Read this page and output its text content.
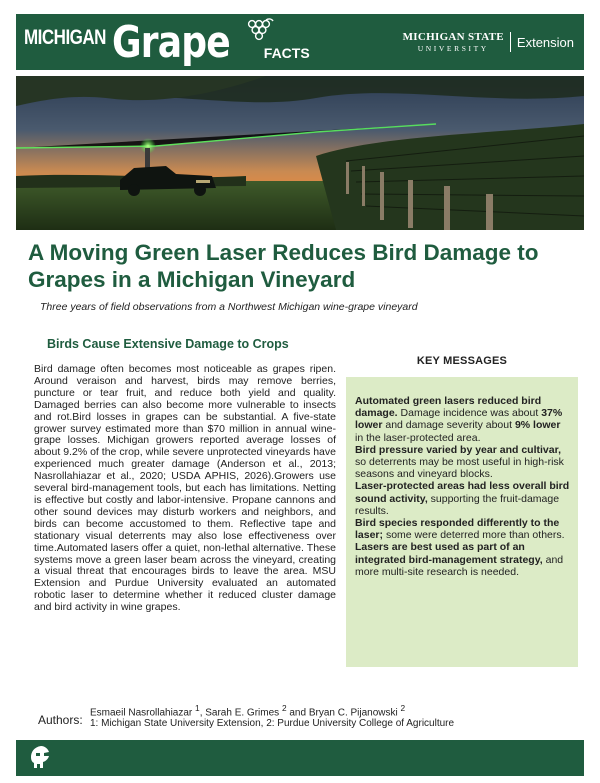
MICHIGAN Grape FACTS
MICHIGAN STATE
UNIVERSITY	Extension
A Moving Green Laser Reduces Bird Damage to Grapes in a Michigan Vineyard

Three years of field observations from a Northwest Michigan wine-grape vineyard

Birds Cause Extensive Damage to Crops

Bird damage often becomes most noticeable as grapes ripen. Around veraison and harvest, birds may remove berries, puncture or tear fruit, and reduce both yield and quality. Damaged berries can also become more vulnerable to insects and rot.Bird losses in grapes can be substantial. A five-state grower survey estimated more than $70 million in annual wine-grape losses. Michigan growers reported average losses of about 9.2% of the crop, while severe unprotected vineyards have experienced much greater damage (Anderson et al., 2013; Nasrollahiazar et al., 2020; USDA APHIS, 2026).Growers use several bird-management tools, but each has limitations. Netting is effective but costly and labor-intensive. Propane cannons and other sound devices may disturb workers and neighbors, and birds can become accustomed to them. Reflective tape and stationary visual deterrents may also lose effectiveness over time.Automated lasers offer a quiet, non-lethal alternative. These systems move a green laser beam across the vineyard, creating a visual threat that encourages birds to leave the area. MSU Extension and Purdue University evaluated an automated robotic laser to determine whether it reduced cluster damage and bird activity in wine grapes.

KEY MESSAGES

Automated green lasers reduced bird damage. Damage incidence was about 37% lower and damage severity about 9% lower in the laser-protected area.

Bird pressure varied by year and cultivar, so deterrents may be most useful in high-risk seasons and vineyard blocks.

Laser-protected areas had less overall bird sound activity, supporting the fruit-damage results.

Bird species responded differently to the laser; some were deterred more than others.

Lasers are best used as part of an integrated bird-management strategy, and more multi-site research is needed.

Authors:
Esmaeil Nasrollahiazar $^1$, Sarah E. Grimes $^2$ and Bryan C. Pijanowski $^2$
1: Michigan State University Extension, 2: Purdue University College of Agriculture
